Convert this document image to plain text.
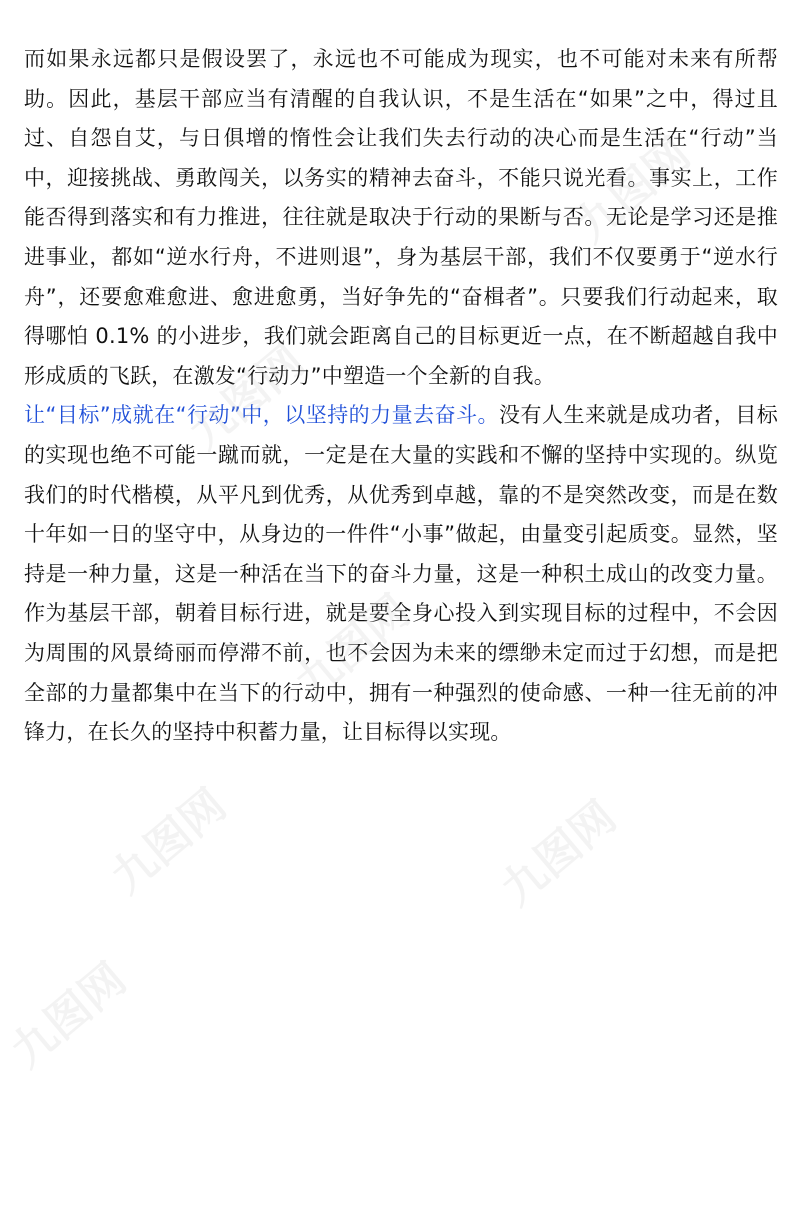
而如果永远都只是假设罢了，永远也不可能成为现实，也不可能对未来有所帮助。因此，基层干部应当有清醒的自我认识，不是生活在“如果”之中，得过且过、自怨自艾，与日俱增的惰性会让我们失去行动的决心而是生活在“行动”当中，迎接挑战、勇敢闯关，以务实的精神去奋斗，不能只说光看。事实上，工作能否得到落实和有力推进，往往就是取决于行动的果断与否。无论是学习还是推进事业，都如“逆水行舟，不进则退”，身为基层干部，我们不仅要勇于“逆水行舟”，还要愈难愈进、愈进愈勇，当好争先的“奋楫者”。只要我们行动起来，取得哪怕 0.1% 的小进步，我们就会距离自己的目标更近一点，在不断超越自我中形成质的飞跃，在激发“行动力”中塑造一个全新的自我。

让“目标”成就在“行动”中，以坚持的力量去奋斗。没有人生来就是成功者，目标的实现也绝不可能一蹴而就，一定是在大量的实践和不懈的坚持中实现的。纵览我们的时代楷模，从平凡到优秀，从优秀到卓越，靠的不是突然改变，而是在数十年如一日的坚守中，从身边的一件件“小事”做起，由量变引起质变。显然，坚持是一种力量，这是一种活在当下的奋斗力量，这是一种积土成山的改变力量。作为基层干部，朝着目标行进，就是要全身心投入到实现目标的过程中，不会因为周围的风景绮丽而停滞不前，也不会因为未来的缥缈未定而过于幻想，而是把全部的力量都集中在当下的行动中，拥有一种强烈的使命感、一种一往无前的冲锋力，在长久的坚持中积蓄力量，让目标得以实现。

九图网
九图网
九图网
九图网
九图网
九图网
